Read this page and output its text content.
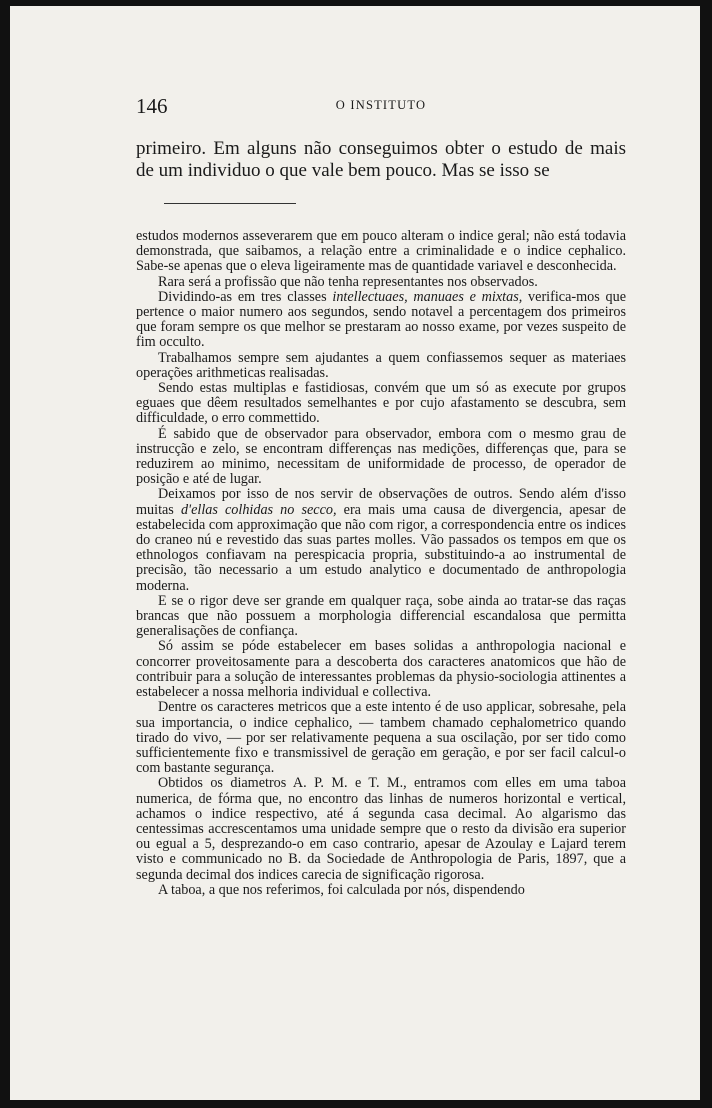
146	O INSTITUTO

primeiro. Em alguns não conseguimos obter o estudo de mais de um individuo o que vale bem pouco. Mas se isso se

estudos modernos asseverarem que em pouco alteram o indice geral; não está todavia demonstrada, que saibamos, a relação entre a criminalidade e o indice cephalico. Sabe-se apenas que o eleva ligeiramente mas de quantidade variavel e desconhecida.

Rara será a profissão que não tenha representantes nos observados.

Dividindo-as em tres classes intellectuaes, manuaes e mixtas, verifica-mos que pertence o maior numero aos segundos, sendo notavel a percentagem dos primeiros que foram sempre os que melhor se prestaram ao nosso exame, por vezes suspeito de fim occulto.

Trabalhamos sempre sem ajudantes a quem confiassemos sequer as materiaes operações arithmeticas realisadas.

Sendo estas multiplas e fastidiosas, convém que um só as execute por grupos eguaes que dêem resultados semelhantes e por cujo afastamento se descubra, sem difficuldade, o erro commettido.

É sabido que de observador para observador, embora com o mesmo grau de instrucção e zelo, se encontram differenças nas medições, differenças que, para se reduzirem ao minimo, necessitam de uniformidade de processo, de operador de posição e até de lugar.

Deixamos por isso de nos servir de observações de outros. Sendo além d'isso muitas d'ellas colhidas no secco, era mais uma causa de divergencia, apesar de estabelecida com approximação que não com rigor, a correspondencia entre os indices do craneo nú e revestido das suas partes molles. Vão passados os tempos em que os ethnologos confiavam na perespicacia propria, substituindo-a ao instrumental de precisão, tão necessario a um estudo analytico e documentado de anthropologia moderna.

E se o rigor deve ser grande em qualquer raça, sobe ainda ao tratar-se das raças brancas que não possuem a morphologia differencial escandalosa que permitta generalisações de confiança.

Só assim se póde estabelecer em bases solidas a anthropologia nacional e concorrer proveitosamente para a descoberta dos caracteres anatomicos que hão de contribuir para a solução de interessantes problemas da physio-sociologia attinentes a estabelecer a nossa melhoria individual e collectiva.

Dentre os caracteres metricos que a este intento é de uso applicar, sobresahe, pela sua importancia, o indice cephalico, — tambem chamado cephalometrico quando tirado do vivo, — por ser relativamente pequena a sua oscilação, por ser tido como sufficientemente fixo e transmissivel de geração em geração, e por ser facil calcul-o com bastante segurança.

Obtidos os diametros A. P. M. e T. M., entramos com elles em uma taboa numerica, de fórma que, no encontro das linhas de numeros horizontal e vertical, achamos o indice respectivo, até á segunda casa decimal. Ao algarismo das centessimas accrescentamos uma unidade sempre que o resto da divisão era superior ou egual a 5, desprezando-o em caso contrario, apesar de Azoulay e Lajard terem visto e communicado no B. da Sociedade de Anthropologia de Paris, 1897, que a segunda decimal dos indices carecia de significação rigorosa.

A taboa, a que nos referimos, foi calculada por nós, dispendendo
